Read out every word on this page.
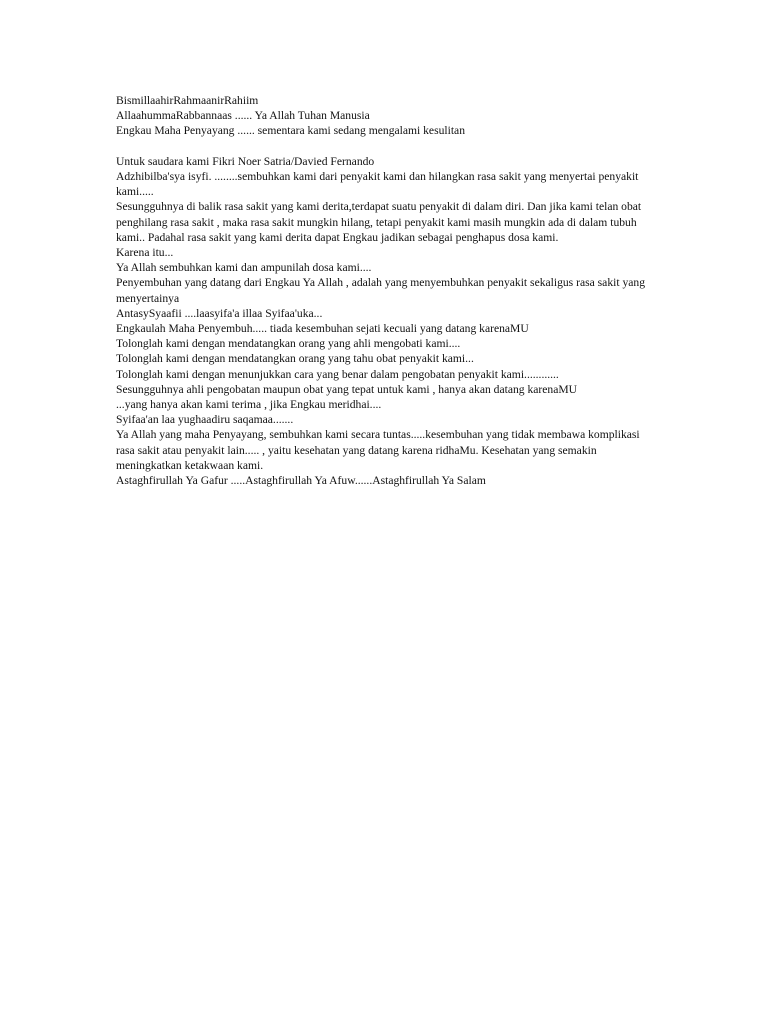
BismillaahirRahmaanirRahiim

AllaahummaRabbannaas ...... Ya Allah Tuhan Manusia

Engkau Maha Penyayang ...... sementara kami sedang mengalami kesulitan

Untuk saudara kami Fikri Noer Satria/Davied Fernando

Adzhibilba'sya isyfi. ........sembuhkan kami dari penyakit kami dan hilangkan rasa sakit yang menyertai penyakit kami.....

Sesungguhnya di balik rasa sakit yang kami derita,terdapat suatu penyakit di dalam diri. Dan jika kami telan obat penghilang rasa sakit , maka rasa sakit mungkin hilang, tetapi penyakit kami masih mungkin ada di dalam tubuh kami.. Padahal rasa sakit yang kami derita dapat Engkau jadikan sebagai penghapus dosa kami.

Karena itu...

Ya Allah sembuhkan kami dan ampunilah dosa kami....

Penyembuhan yang datang dari Engkau Ya Allah , adalah yang menyembuhkan penyakit sekaligus rasa sakit yang menyertainya

AntasySyaafii ....laasyifa'a illaa Syifaa'uka...

Engkaulah Maha Penyembuh..... tiada kesembuhan sejati kecuali yang datang karenaMU

Tolonglah kami dengan mendatangkan orang yang ahli mengobati kami....

Tolonglah kami dengan mendatangkan orang yang tahu obat penyakit kami...

Tolonglah kami dengan menunjukkan cara yang benar dalam pengobatan penyakit kami............

Sesungguhnya ahli pengobatan maupun obat yang tepat untuk kami , hanya akan datang karenaMU

...yang hanya akan kami terima , jika Engkau meridhai....

Syifaa'an laa yughaadiru saqamaa.......

Ya Allah yang maha Penyayang, sembuhkan kami secara tuntas.....kesembuhan yang tidak membawa komplikasi rasa sakit atau penyakit lain..... , yaitu kesehatan yang datang karena ridhaMu. Kesehatan yang semakin meningkatkan ketakwaan kami.

Astaghfirullah Ya Gafur .....Astaghfirullah Ya Afuw......Astaghfirullah Ya Salam
